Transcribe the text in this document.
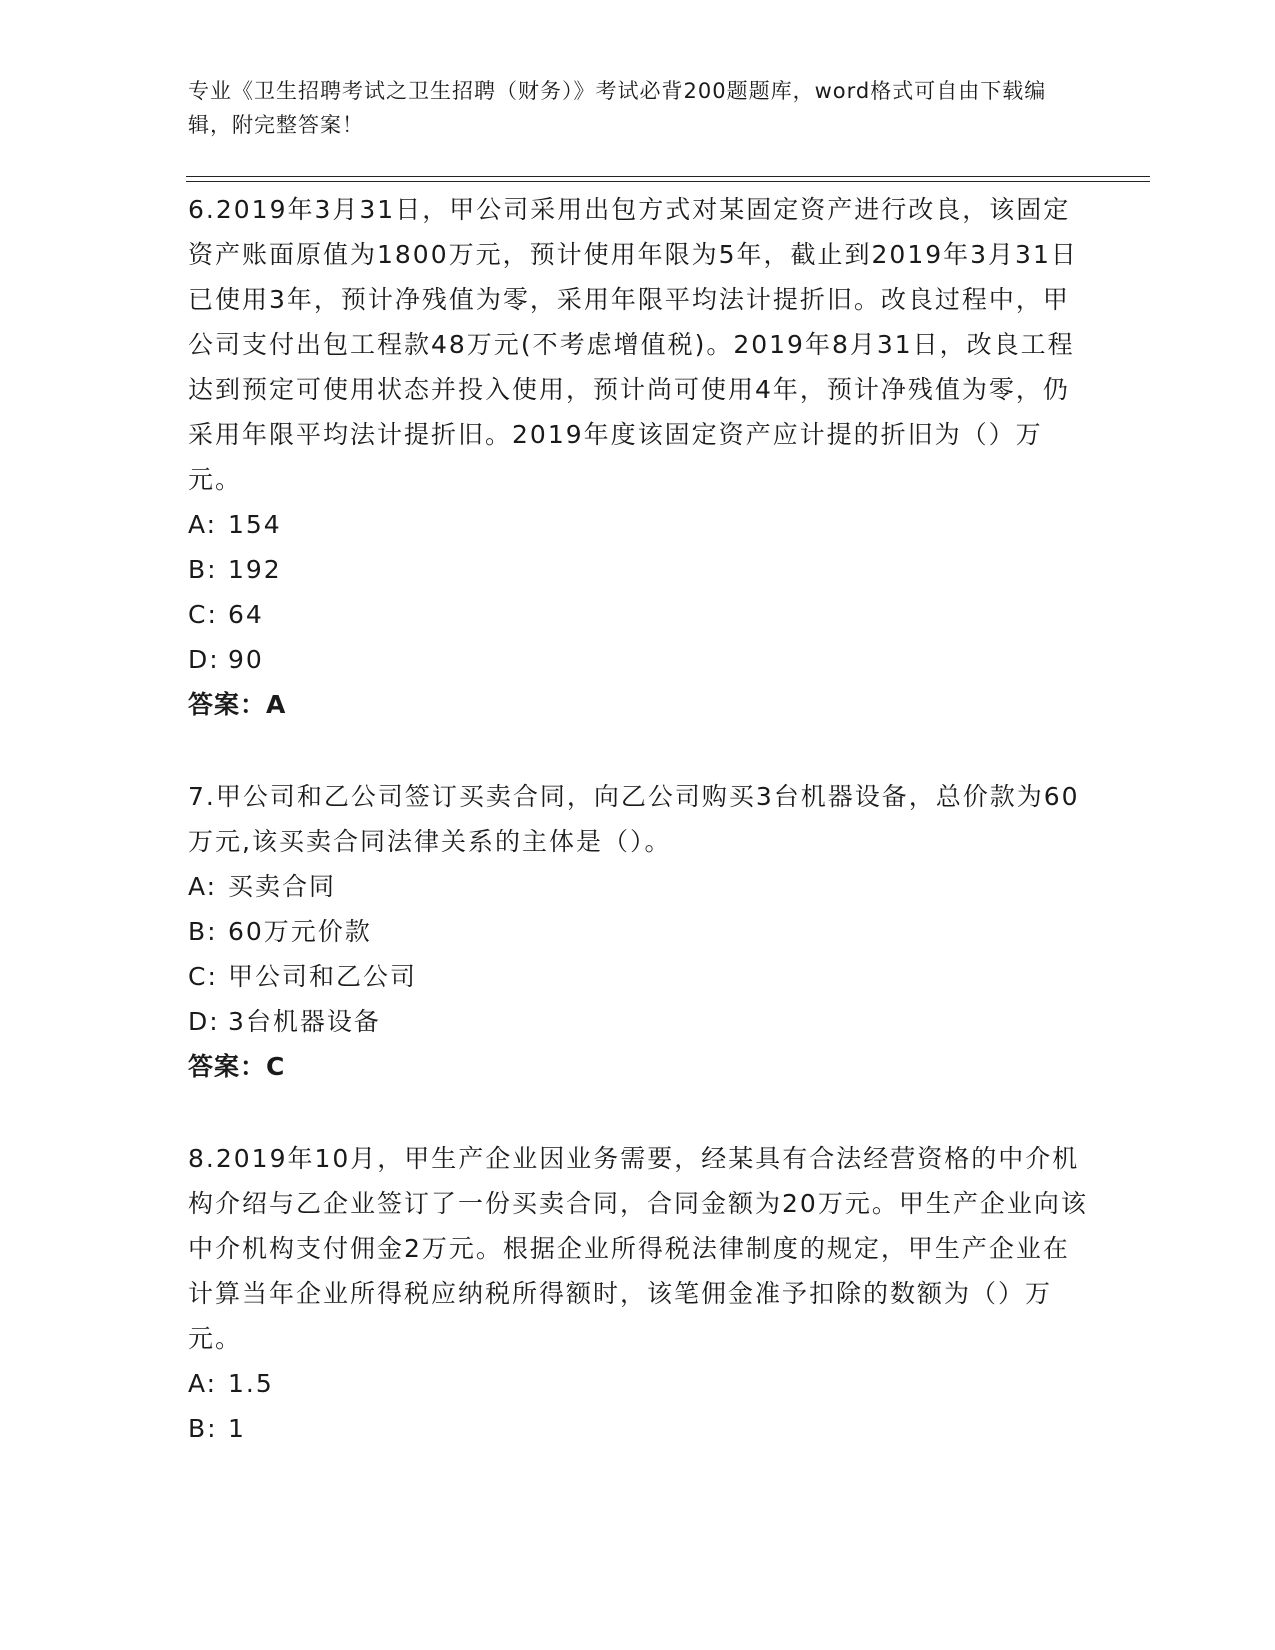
专业《卫生招聘考试之卫生招聘（财务）》考试必背200题题库，word格式可自由下载编辑，附完整答案！

6.2019年3月31日，甲公司采用出包方式对某固定资产进行改良，该固定资产账面原值为1800万元，预计使用年限为5年，截止到2019年3月31日已使用3年，预计净残值为零，采用年限平均法计提折旧。改良过程中，甲公司支付出包工程款48万元(不考虑增值税)。2019年8月31日，改良工程达到预定可使用状态并投入使用，预计尚可使用4年，预计净残值为零，仍采用年限平均法计提折旧。2019年度该固定资产应计提的折旧为（）万元。

A: 154

B: 192

C: 64

D: 90

答案：A

7.甲公司和乙公司签订买卖合同，向乙公司购买3台机器设备，总价款为60万元,该买卖合同法律关系的主体是（）。

A: 买卖合同

B: 60万元价款

C: 甲公司和乙公司

D: 3台机器设备

答案：C

8.2019年10月，甲生产企业因业务需要，经某具有合法经营资格的中介机构介绍与乙企业签订了一份买卖合同，合同金额为20万元。甲生产企业向该中介机构支付佣金2万元。根据企业所得税法律制度的规定，甲生产企业在计算当年企业所得税应纳税所得额时，该笔佣金准予扣除的数额为（）万元。

A: 1.5

B: 1
